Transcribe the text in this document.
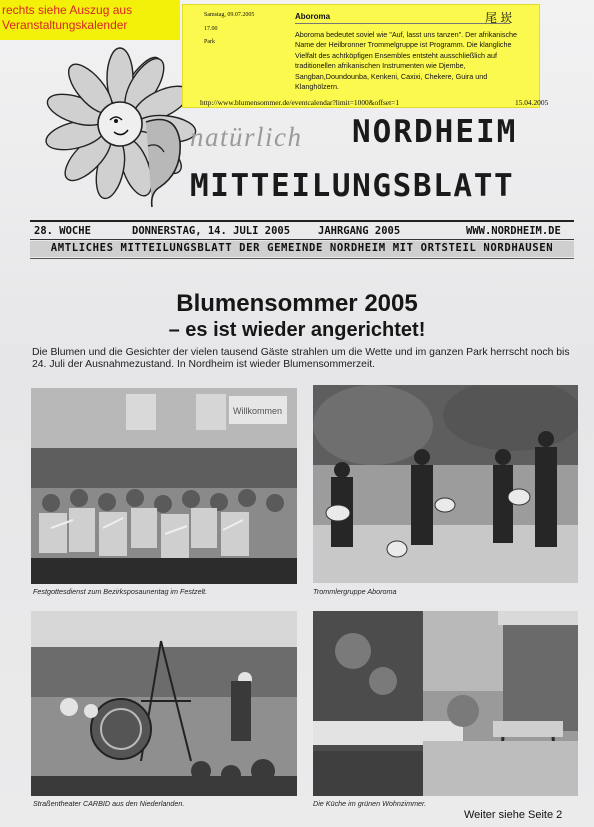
natürlich NORDHEIM
MITTEILUNGSBLATT
28. WOCHE	DONNERSTAG, 14. JULI 2005	JAHRGANG 2005	WWW.NORDHEIM.DE
AMTLICHES MITTEILUNGSBLATT DER GEMEINDE NORDHEIM MIT ORTSTEIL NORDHAUSEN
Blumensommer 2005
– es ist wieder angerichtet!
Die Blumen und die Gesichter der vielen tausend Gäste strahlen um die Wette und im ganzen Park herrscht noch bis 24. Juli der Ausnahmezustand. In Nordheim ist wieder Blumensommerzeit.
Willkommen
Festgottesdienst zum Bezirksposaunentag im Festzelt.	Trommlergruppe Aboroma
Straßentheater CARBID aus den Niederlanden.	Die Küche im grünen Wohnzimmer.
Weiter siehe Seite 2
Samstag, 09.07.2005
17.00
Park
Aboroma	尾 崁
Aboroma bedeutet soviel wie "Auf, lasst uns tanzen". Der afrikanische Name der Heilbronner Trommelgruppe ist Programm. Die klangliche Vielfalt des achtköpfigen Ensembles entsteht ausschließlich auf traditionellen afrikanischen Instrumenten wie Djembe, Sangban,Doundounba, Kenkeni, Caxixi, Chekere, Guira und Klanghölzern.
http://www.blumensommer.de/eventcalendar?limit=1000&offset=1	15.04.2005
rechts siehe Auszug aus Veranstaltungskalender
